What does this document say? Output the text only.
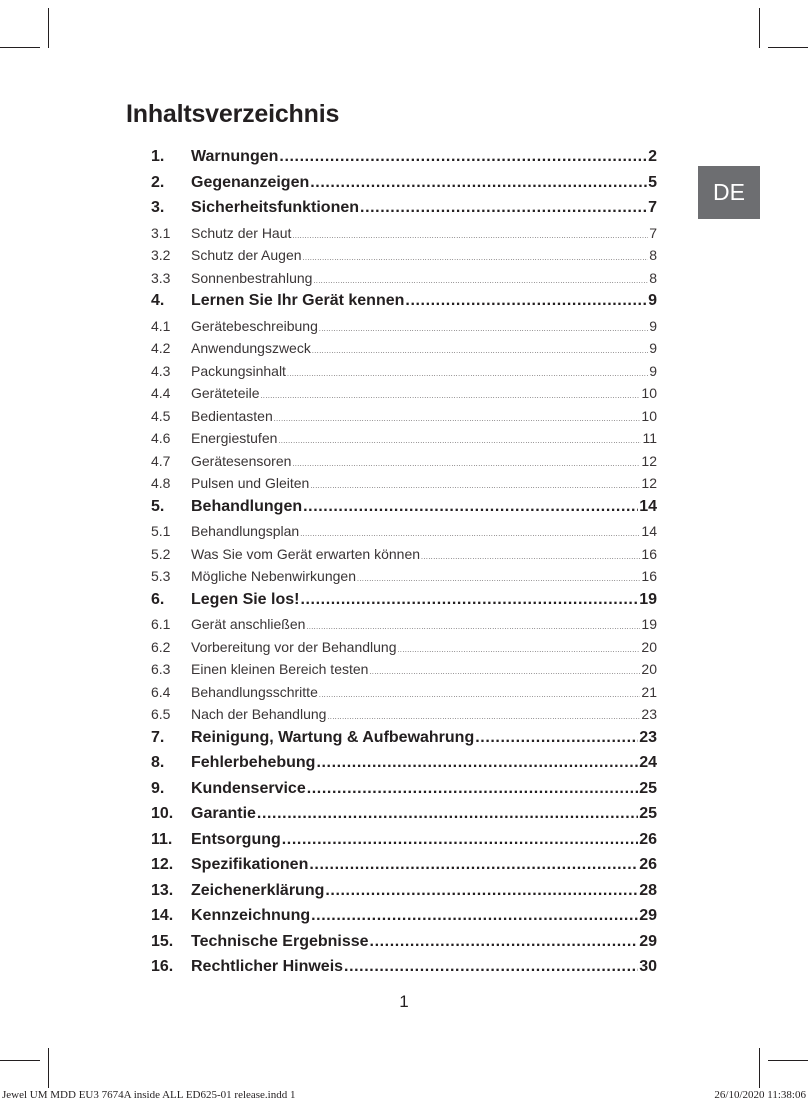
Inhaltsverzeichnis
DE
1.	Warnungen .....	2
2.	Gegenanzeigen .....	5
3.	Sicherheitsfunktionen .....	7
3.1	Schutz der Haut .....	7
3.2	Schutz der Augen .....	8
3.3	Sonnenbestrahlung .....	8
4.	Lernen Sie Ihr Gerät kennen .....	9
4.1	Gerätebeschreibung .....	9
4.2	Anwendungszweck .....	9
4.3	Packungsinhalt .....	9
4.4	Geräteteile .....	10
4.5	Bedientasten .....	10
4.6	Energiestufen .....	11
4.7	Gerätesensoren .....	12
4.8	Pulsen und Gleiten .....	12
5.	Behandlungen .....	14
5.1	Behandlungsplan .....	14
5.2	Was Sie vom Gerät erwarten können .....	16
5.3	Mögliche Nebenwirkungen .....	16
6.	Legen Sie los! .....	19
6.1	Gerät anschließen .....	19
6.2	Vorbereitung vor der Behandlung .....	20
6.3	Einen kleinen Bereich testen .....	20
6.4	Behandlungsschritte .....	21
6.5	Nach der Behandlung .....	23
7.	Reinigung, Wartung & Aufbewahrung .....	23
8.	Fehlerbehebung .....	24
9.	Kundenservice .....	25
10.	Garantie .....	25
11.	Entsorgung .....	26
12.	Spezifikationen .....	26
13.	Zeichenerklärung .....	28
14.	Kennzeichnung .....	29
15.	Technische Ergebnisse .....	29
16.	Rechtlicher Hinweis .....	30
1
Jewel UM MDD EU3 7674A inside ALL ED625-01 release.indd 1	26/10/2020 11:38:06
